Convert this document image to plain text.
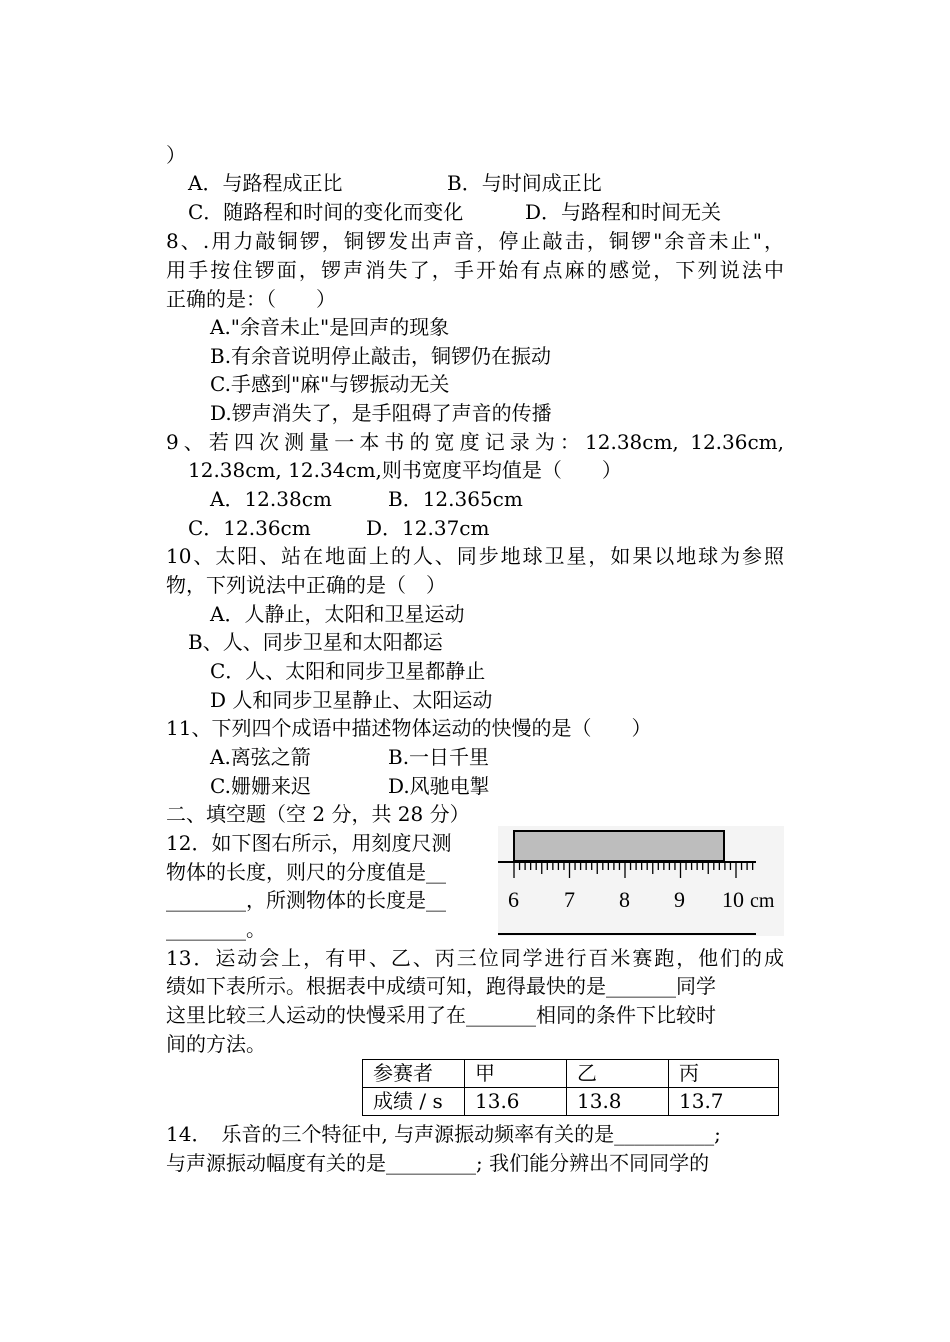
）
A．与路程成正比	B．与时间成正比
C．随路程和时间的变化而变化	D．与路程和时间无关
8、.用力敲铜锣，铜锣发出声音，停止敲击，铜锣"余音未止"，
用手按住锣面，锣声消失了，手开始有点麻的感觉，下列说法中
正确的是：（　　）
A."余音未止"是回声的现象
B.有余音说明停止敲击，铜锣仍在振动
C.手感到"麻"与锣振动无关
D.锣声消失了，是手阻碍了声音的传播
9、若四次测量一本书的宽度记录为：12.38cm, 12.36cm,
12.38cm, 12.34cm,则书宽度平均值是（　　）
A．12.38cm	B．12.365cm
C．12.36cm	D．12.37cm
10、太阳、站在地面上的人、同步地球卫星，如果以地球为参照
物，下列说法中正确的是（　）
A．人静止，太阳和卫星运动
B、人、同步卫星和太阳都运
C．人、太阳和同步卫星都静止
D 人和同步卫星静止、太阳运动
11、下列四个成语中描述物体运动的快慢的是（　　）
A.离弦之箭	B.一日千里
C.姗姗来迟	D.风驰电掣
二、填空题（空 2 分，共 28 分）
12．如下图右所示，用刻度尺测
物体的长度，则尺的分度值是__
________，所测物体的长度是__
________。
6 7 8 9 10 cm
13．运动会上，有甲、乙、丙三位同学进行百米赛跑，他们的成
绩如下表所示。根据表中成绩可知，跑得最快的是_______同学
这里比较三人运动的快慢采用了在_______相同的条件下比较时
间的方法。
参赛者	甲	乙	丙
成绩 / s	13.6	13.8	13.7
14．　乐音的三个特征中, 与声源振动频率有关的是__________;
与声源振动幅度有关的是_________; 我们能分辨出不同同学的
